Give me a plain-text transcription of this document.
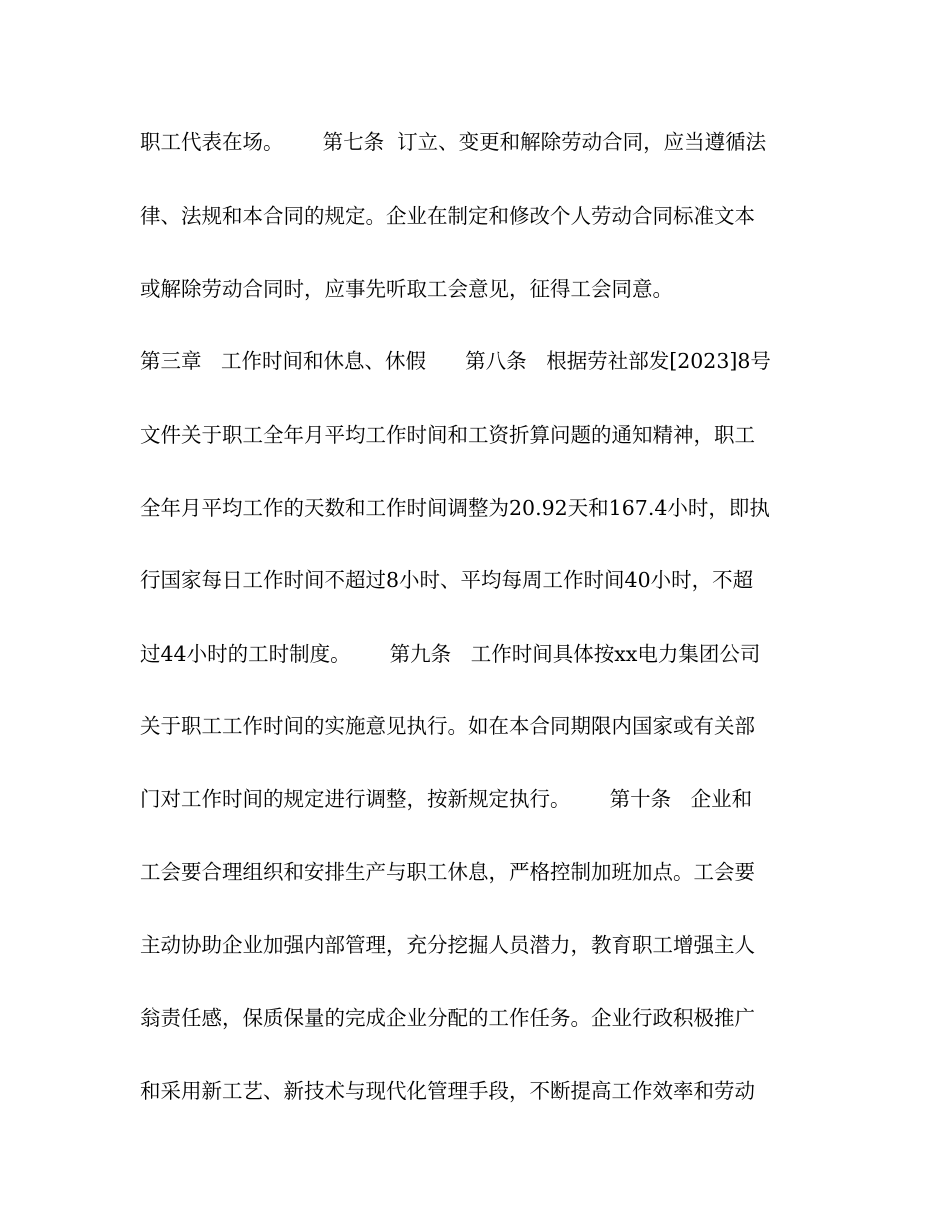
职工代表在场。      第七条  订立、变更和解除劳动合同，应当遵循法
律、法规和本合同的规定。企业在制定和修改个人劳动合同标准文本
或解除劳动合同时，应事先听取工会意见，征得工会同意。
第三章   工作时间和休息、休假      第八条   根据劳社部发[2023]8号
文件关于职工全年月平均工作时间和工资折算问题的通知精神，职工
全年月平均工作的天数和工作时间调整为20.92天和167.4小时，即执
行国家每日工作时间不超过8小时、平均每周工作时间40小时，不超
过44小时的工时制度。      第九条   工作时间具体按xx电力集团公司
关于职工工作时间的实施意见执行。如在本合同期限内国家或有关部
门对工作时间的规定进行调整，按新规定执行。      第十条   企业和
工会要合理组织和安排生产与职工休息，严格控制加班加点。工会要
主动协助企业加强内部管理，充分挖掘人员潜力，教育职工增强主人
翁责任感，保质保量的完成企业分配的工作任务。企业行政积极推广
和采用新工艺、新技术与现代化管理手段，不断提高工作效率和劳动
